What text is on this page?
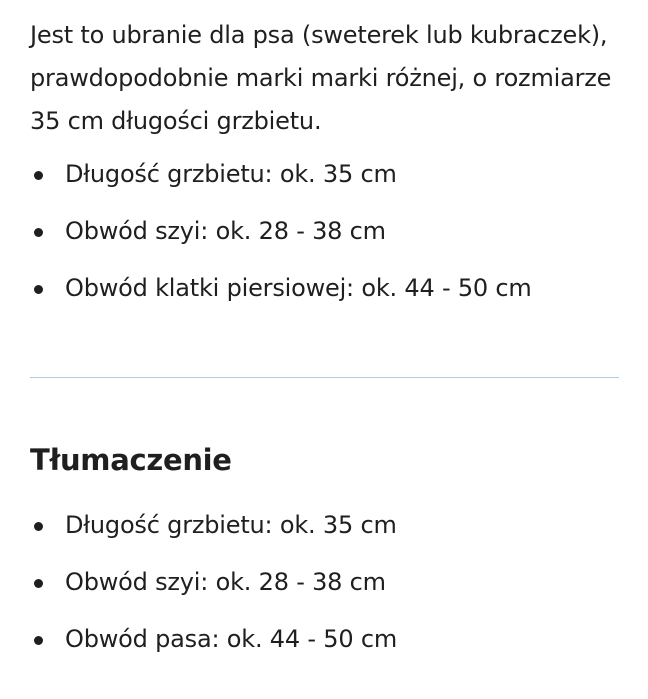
Jest to ubranie dla psa (sweterek lub kubraczek), prawdopodobnie marki marki różnej, o rozmiarze 35 cm długości grzbietu.

Długość grzbietu: ok. 35 cm
Obwód szyi: ok. 28 - 38 cm
Obwód klatki piersiowej: ok. 44 - 50 cm
Tłumaczenie
Długość grzbietu: ok. 35 cm
Obwód szyi: ok. 28 - 38 cm
Obwód pasa: ok. 44 - 50 cm
